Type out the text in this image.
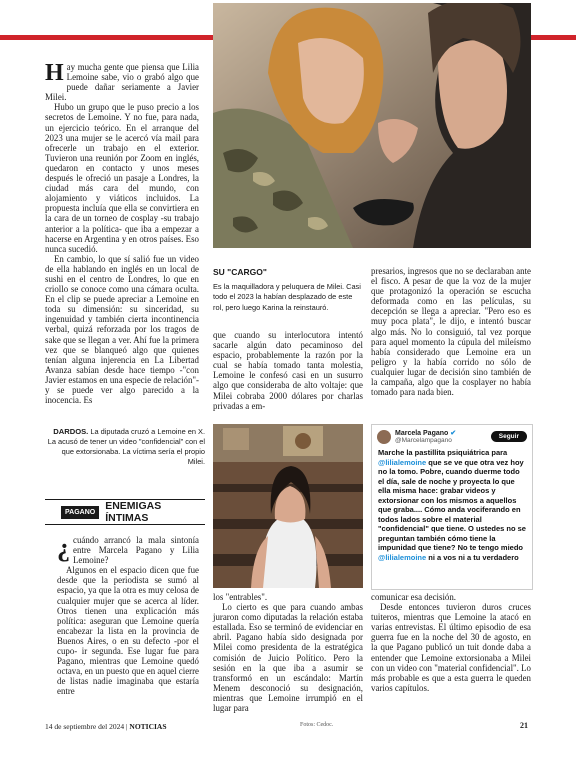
Hay mucha gente que piensa que Lilia Lemoine sabe, vio o grabó algo que puede dañar seriamente a Javier Milei.

Hubo un grupo que le puso precio a los secretos de Lemoine. Y no fue, para nada, un ejercicio teórico. En el arranque del 2023 una mujer se le acercó vía mail para ofrecerle un trabajo en el exterior. Tuvieron una reunión por Zoom en inglés, quedaron en contacto y unos meses después le ofreció un pasaje a Londres, la ciudad más cara del mundo, con alojamiento y viáticos incluidos. La propuesta incluía que ella se convirtiera en la cara de un torneo de cosplay -su trabajo anterior a la política- que iba a empezar a hacerse en Argentina y en otros países. Eso nunca sucedió.

En cambio, lo que sí salió fue un video de ella hablando en inglés en un local de sushi en el centro de Londres, lo que en criollo se conoce como una cámara oculta. En el clip se puede apreciar a Lemoine en toda su dimensión: su sinceridad, su ingenuidad y también cierta incontinencia verbal, quizá reforzada por los tragos de sake que se llegan a ver. Ahí fue la primera vez que se blanqueó algo que quienes tenían alguna injerencia en La Libertad Avanza sabían desde hace tiempo -"con Javier estamos en una especie de relación"- y se puede ver algo parecido a la inocencia. Es

SU "CARGO"
Es la maquilladora y peluquera de Milei. Casi todo el 2023 la habían desplazado de este rol, pero luego Karina la reinstauró.

que cuando su interlocutora intentó sacarle algún dato pecaminoso del espacio, probablemente la razón por la cual se había tomado tanta molestia, Lemoine le confesó casi en un susurro algo que consideraba de alto voltaje: que Milei cobraba 2000 dólares por charlas privadas a em-

presarios, ingresos que no se declaraban ante el fisco. A pesar de que la voz de la mujer que protagonizó la operación se escucha deformada como en las películas, su decepción se llega a apreciar. "Pero eso es muy poca plata", le dijo, e intentó buscar algo más. No lo consiguió, tal vez porque para aquel momento la cúpula del mileísmo había considerado que Lemoine era un peligro y la había corrido no sólo de cualquier lugar de decisión sino también de la campaña, algo que la cosplayer no había tomado para nada bien.

DARDOS. La diputada cruzó a Lemoine en X. La acusó de tener un video "confidencial" con el que extorsionaba. La víctima sería el propio Milei.
PAGANO ENEMIGAS ÍNTIMAS
Marcela Pagano ✔
@Marcelampagano
Seguir
Marche la pastillita psiquiátrica para @lilialemoine que se ve que otra vez hoy no la tomo. Pobre, cuando duerme todo el día, sale de noche y proyecta lo que ella misma hace: grabar videos y extorsionar con los mismos a aquellos que graba.... Cómo anda vociferando en todos lados sobre el material "confidencial" que tiene. O ustedes no se preguntan también cómo tiene la impunidad que tiene? No te tengo miedo @lilialemoine ni a vos ni a tu verdadero

¿ cuándo arrancó la mala sintonía entre Marcela Pagano y Lilia Lemoine?

Algunos en el espacio dicen que fue desde que la periodista se sumó al espacio, ya que la otra es muy celosa de cualquier mujer que se acerca al líder. Otros tienen una explicación más política: aseguran que Lemoine quería encabezar la lista en la provincia de Buenos Aires, o en su defecto -por el cupo- ir segunda. Ese lugar fue para Pagano, mientras que Lemoine quedó octava, en un puesto que en aquel cierre de listas nadie imaginaba que estaría entre

los "entrables".

Lo cierto es que para cuando ambas juraron como diputadas la relación estaba estallada. Eso se terminó de evidenciar en abril. Pagano había sido designada por Milei como presidenta de la estratégica comisión de Juicio Político. Pero la sesión en la que iba a asumir se transformó en un escándalo: Martín Menem desconoció su designación, mientras que Lemoine irrumpió en el lugar para

comunicar esa decisión.

Desde entonces tuvieron duros cruces tuiteros, mientras que Lemoine la atacó en varias entrevistas. El último episodio de esa guerra fue en la noche del 30 de agosto, en la que Pagano publicó un tuit donde daba a entender que Lemoine extorsionaba a Milei con un video con "material confidencial". Lo más probable es que a esta guerra le queden varios capítulos.

14 de septiembre del 2024 | NOTICIAS	Fotos: Cedoc.	21
